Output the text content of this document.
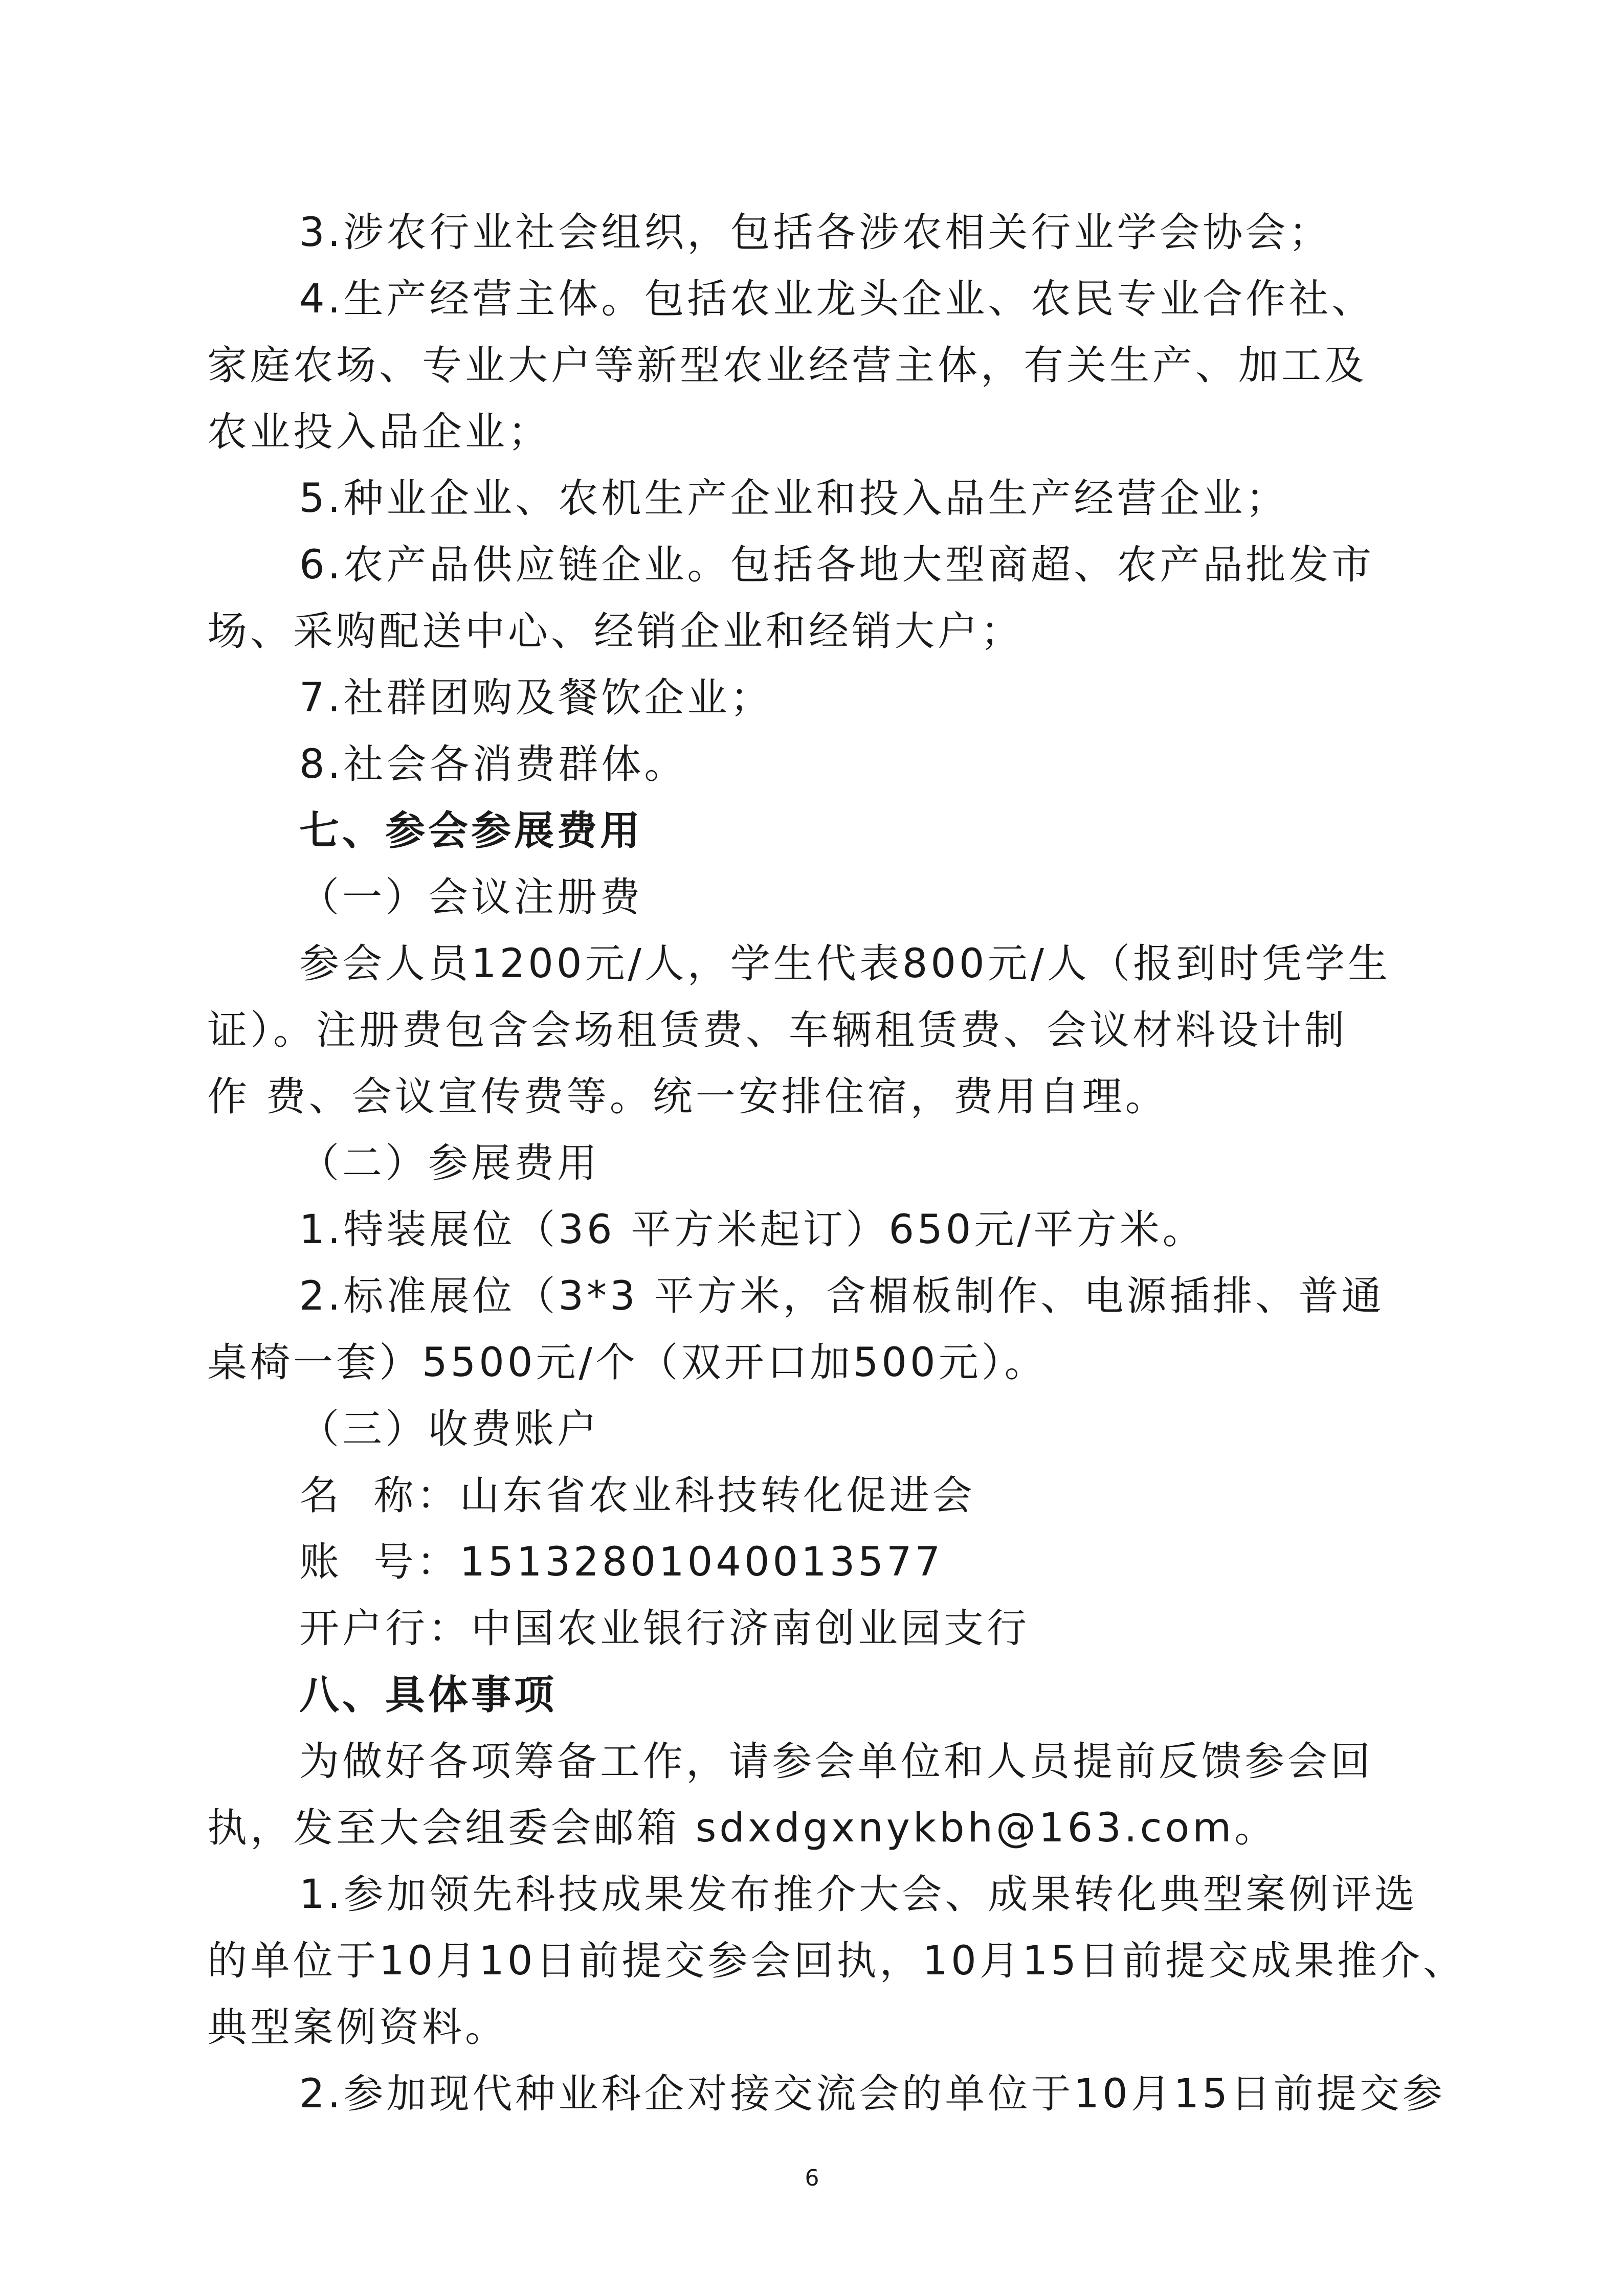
3.涉农行业社会组织，包括各涉农相关行业学会协会；
4.生产经营主体。包括农业龙头企业、农民专业合作社、
家庭农场、专业大户等新型农业经营主体，有关生产、加工及
农业投入品企业；
5.种业企业、农机生产企业和投入品生产经营企业；
6.农产品供应链企业。包括各地大型商超、农产品批发市
场、采购配送中心、经销企业和经销大户；
7.社群团购及餐饮企业；
8.社会各消费群体。
七、参会参展费用
（一）会议注册费
参会人员1200元/人，学生代表800元/人（报到时凭学生
证）。注册费包含会场租赁费、车辆租赁费、会议材料设计制
作 费、会议宣传费等。统一安排住宿，费用自理。
（二）参展费用
1.特装展位（36 平方米起订）650元/平方米。
2.标准展位（3*3 平方米，含楣板制作、电源插排、普通
桌椅一套）5500元/个（双开口加500元）。
（三）收费账户
名  称：山东省农业科技转化促进会
账  号：15132801040013577
开户行：中国农业银行济南创业园支行
八、具体事项
为做好各项筹备工作，请参会单位和人员提前反馈参会回
执，发至大会组委会邮箱 sdxdgxnykbh@163.com。
1.参加领先科技成果发布推介大会、成果转化典型案例评选
的单位于10月10日前提交参会回执，10月15日前提交成果推介、
典型案例资料。
2.参加现代种业科企对接交流会的单位于10月15日前提交参
6
